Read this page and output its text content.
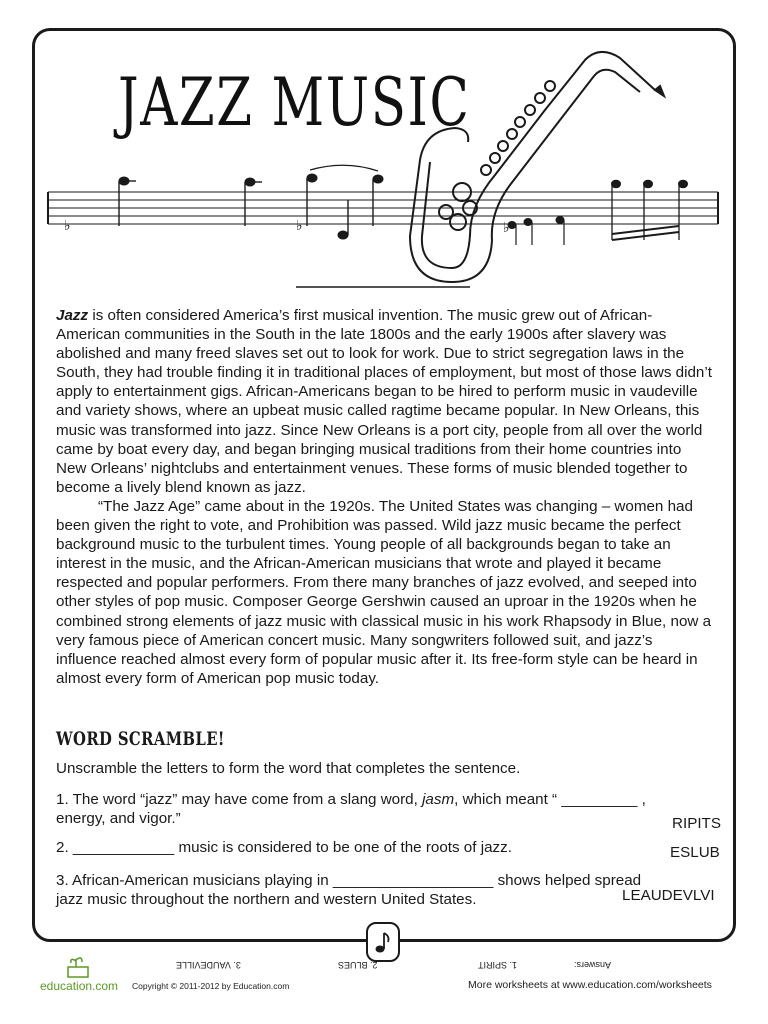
JAZZ MUSIC
♭	♭	♭

Jazz is often considered America’s first musical invention. The music grew out of African-American communities in the South in the late 1800s and the early 1900s after slavery was abolished and many freed slaves set out to look for work. Due to strict segregation laws in the South, they had trouble finding it in traditional places of employment, but most of those laws didn’t apply to entertainment gigs. African-Americans began to be hired to perform music in vaudeville and variety shows, where an upbeat music called ragtime became popular. In New Orleans, this music was transformed into jazz. Since New Orleans is a port city, people from all over the world came by boat every day, and began bringing musical traditions from their home countries into New Orleans’ nightclubs and entertainment venues. These forms of music blended together to become a lively blend known as jazz.

“The Jazz Age” came about in the 1920s. The United States was changing – women had been given the right to vote, and Prohibition was passed. Wild jazz music became the perfect background music to the turbulent times. Young people of all backgrounds began to take an interest in the music, and the African-American musicians that wrote and played it became respected and popular performers. From there many branches of jazz evolved, and seeped into other styles of pop music. Composer George Gershwin caused an uproar in the 1920s when he combined strong elements of jazz music with classical music in his work Rhapsody in Blue, now a very famous piece of American concert music. Many songwriters followed suit, and jazz’s influence reached almost every form of popular music after it. Its free-form style can be heard in almost every form of American pop music today.

WORD SCRAMBLE!
Unscramble the letters to form the word that completes the sentence.
1. The word “jazz” may have come from a slang word, jasm, which meant “ _________ ,
energy, and vigor.”	RIPITS
2. ____________ music is considered to be one of the roots of jazz.	ESLUB
3. African-American musicians playing in ___________________ shows helped spread
jazz music throughout the northern and western United States.	LEAUDEVLVI
3. VAUDEVILLE	2. BLUES	1. SPIRIT	Answers:
education.com Copyright © 2011-2012 by Education.com	More worksheets at www.education.com/worksheets
